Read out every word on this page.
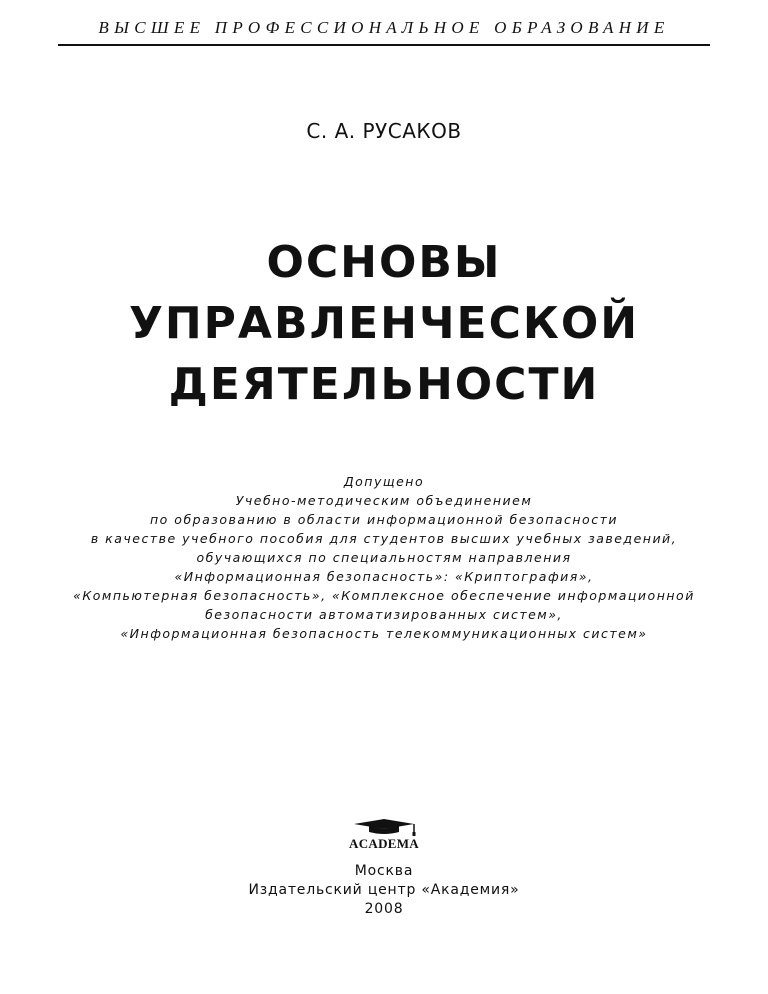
ВЫСШЕЕ ПРОФЕССИОНАЛЬНОЕ ОБРАЗОВАНИЕ
С. А. РУСАКОВ
ОСНОВЫ
УПРАВЛЕНЧЕСКОЙ
ДЕЯТЕЛЬНОСТИ
Допущено
Учебно-методическим объединением
по образованию в области информационной безопасности
в качестве учебного пособия для студентов высших учебных заведений,
обучающихся по специальностям направления
«Информационная безопасность»: «Криптография»,
«Компьютерная безопасность», «Комплексное обеспечение информационной
безопасности автоматизированных систем»,
«Информационная безопасность телекоммуникационных систем»
ACADEMA
Москва
Издательский центр «Академия»
2008
